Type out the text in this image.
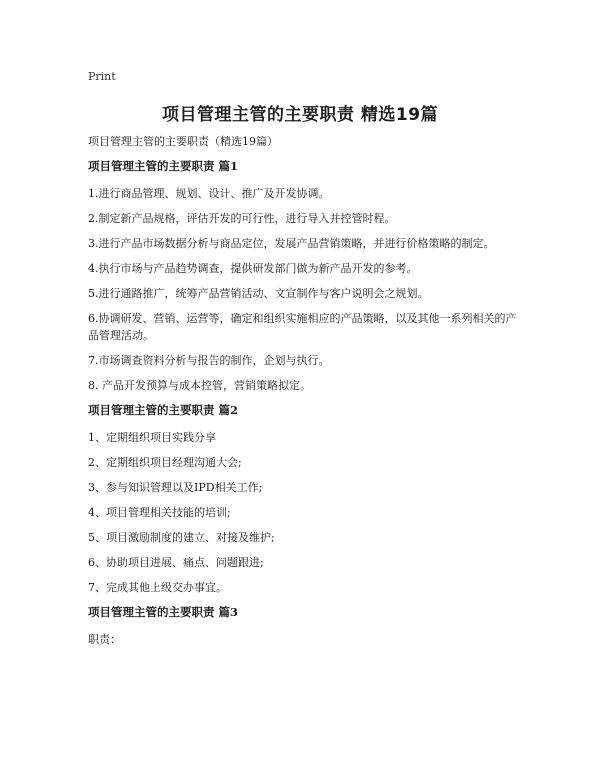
Print
项目管理主管的主要职责 精选19篇

项目管理主管的主要职责（精选19篇）

项目管理主管的主要职责 篇1

1.进行商品管理、规划、设计、推广及开发协调。

2.制定新产品规格，评估开发的可行性，进行导入并控管时程。

3.进行产品市场数据分析与商品定位，发展产品营销策略，并进行价格策略的制定。

4.执行市场与产品趋势调查，提供研发部门做为新产品开发的参考。

5.进行通路推广，统筹产品营销活动、文宣制作与客户说明会之规划。

6.协调研发、营销、运营等，确定和组织实施相应的产品策略，以及其他一系列相关的产品管理活动。

7.市场调查资料分析与报告的制作，企划与执行。

8. 产品开发预算与成本控管，营销策略拟定。

项目管理主管的主要职责 篇2

1、定期组织项目实践分享

2、定期组织项目经理沟通大会;

3、参与知识管理以及IPD相关工作;

4、项目管理相关技能的培训;

5、项目激励制度的建立、对接及维护;

6、协助项目进展、痛点、问题跟进;

7、完成其他上级交办事宜。

项目管理主管的主要职责 篇3

职责：
